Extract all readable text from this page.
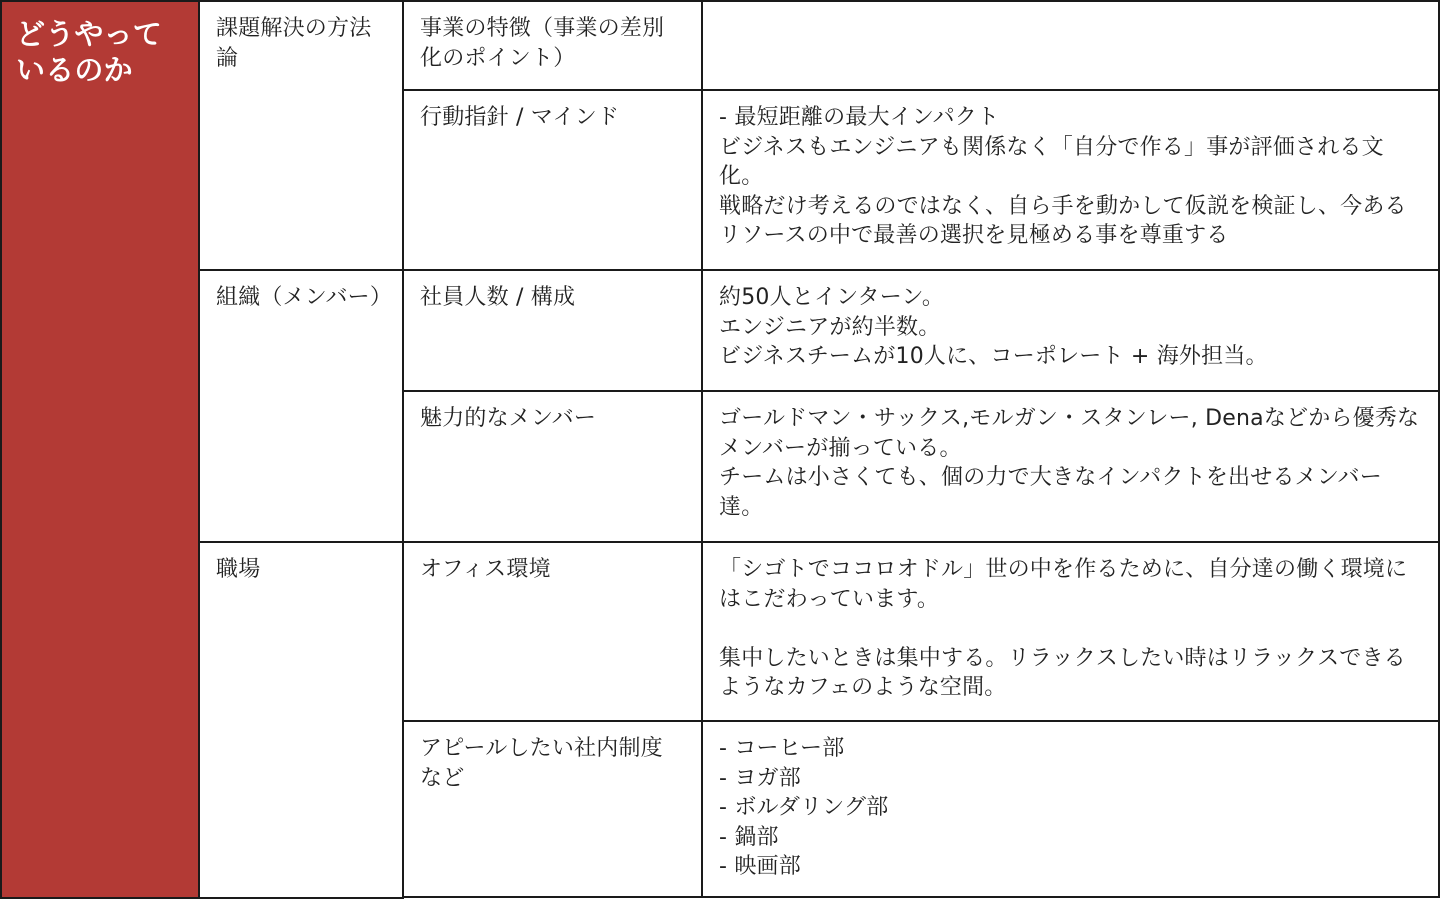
どうやっているのか	課題解決の方法論	事業の特徴（事業の差別化のポイント）	
		行動指針 / マインド	- 最短距離の最大インパクト
ビジネスもエンジニアも関係なく「自分で作る」事が評価される文化。
戦略だけ考えるのではなく、自ら手を動かして仮説を検証し、今あるリソースの中で最善の選択を見極める事を尊重する

	組織（メンバー）	社員人数 / 構成	約50人とインターン。
エンジニアが約半数。
ビジネスチームが10人に、コーポレート + 海外担当。

		魅力的なメンバー	ゴールドマン・サックス,モルガン・スタンレー, Denaなどから優秀なメンバーが揃っている。
チームは小さくても、個の力で大きなインパクトを出せるメンバー達。

	職場	オフィス環境	「シゴトでココロオドル」世の中を作るために、自分達の働く環境にはこだわっています。
集中したいときは集中する。リラックスしたい時はリラックスできるようなカフェのような空間。

		アピールしたい社内制度など	- コーヒー部
- ヨガ部
- ボルダリング部
- 鍋部
- 映画部
